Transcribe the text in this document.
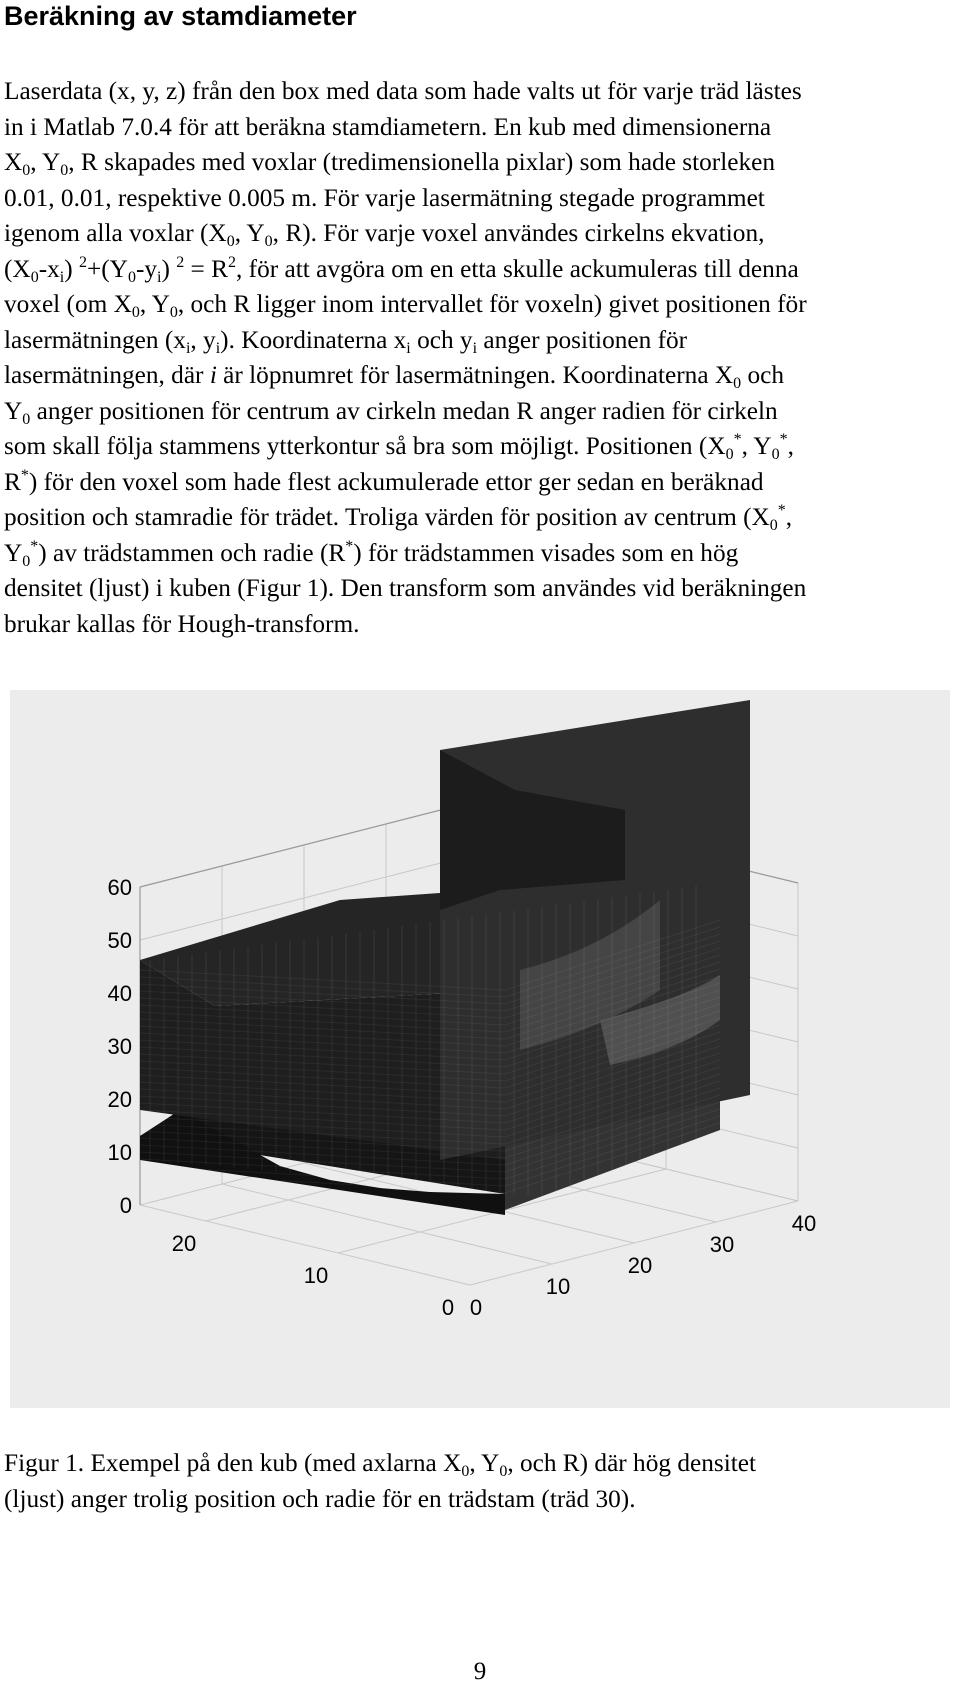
Beräkning av stamdiameter
Laserdata (x, y, z) från den box med data som hade valts ut för varje träd lästes
in i Matlab 7.0.4 för att beräkna stamdiametern. En kub med dimensionerna
$X_0$, $Y_0$, R skapades med voxlar (tredimensionella pixlar) som hade storleken
0.01, 0.01, respektive 0.005 m. För varje lasermätning stegade programmet
igenom alla voxlar ($X_0$, $Y_0$, R). För varje voxel användes cirkelns ekvation,
$(X_0-x_i)$ $^2+(Y_0-y_i) ^2 = R^2$, för att avgöra om en etta skulle ackumuleras till denna
voxel (om $X_0$, $Y_0$, och R ligger inom intervallet för voxeln) givet positionen för
lasermätningen ($x_i$, $y_i$). Koordinaterna $x_i$ och $y_i$ anger positionen för
lasermätningen, där i är löpnumret för lasermätningen. Koordinaterna $X_0$ och
$Y_0$ anger positionen för centrum av cirkeln medan R anger radien för cirkeln
som skall följa stammens ytterkontur så bra som möjligt. Positionen ($X_0^*$, $Y_0^*$,
R*) för den voxel som hade flest ackumulerade ettor ger sedan en beräknad
position och stamradie för trädet. Troliga värden för position av centrum ($X_0^*$,
$Y_0^*$) av trädstammen och radie (R*) för trädstammen visades som en hög
densitet (ljust) i kuben (Figur 1). Den transform som användes vid beräkningen
brukar kallas för Hough-transform.
0
10
20
30
40
50
60
0
10
20
30
40
0
10
20

Figur 1. Exempel på den kub (med axlarna $X_0$, $Y_0$, och R) där hög densitet
(ljust) anger trolig position och radie för en trädstam (träd 30).

9
